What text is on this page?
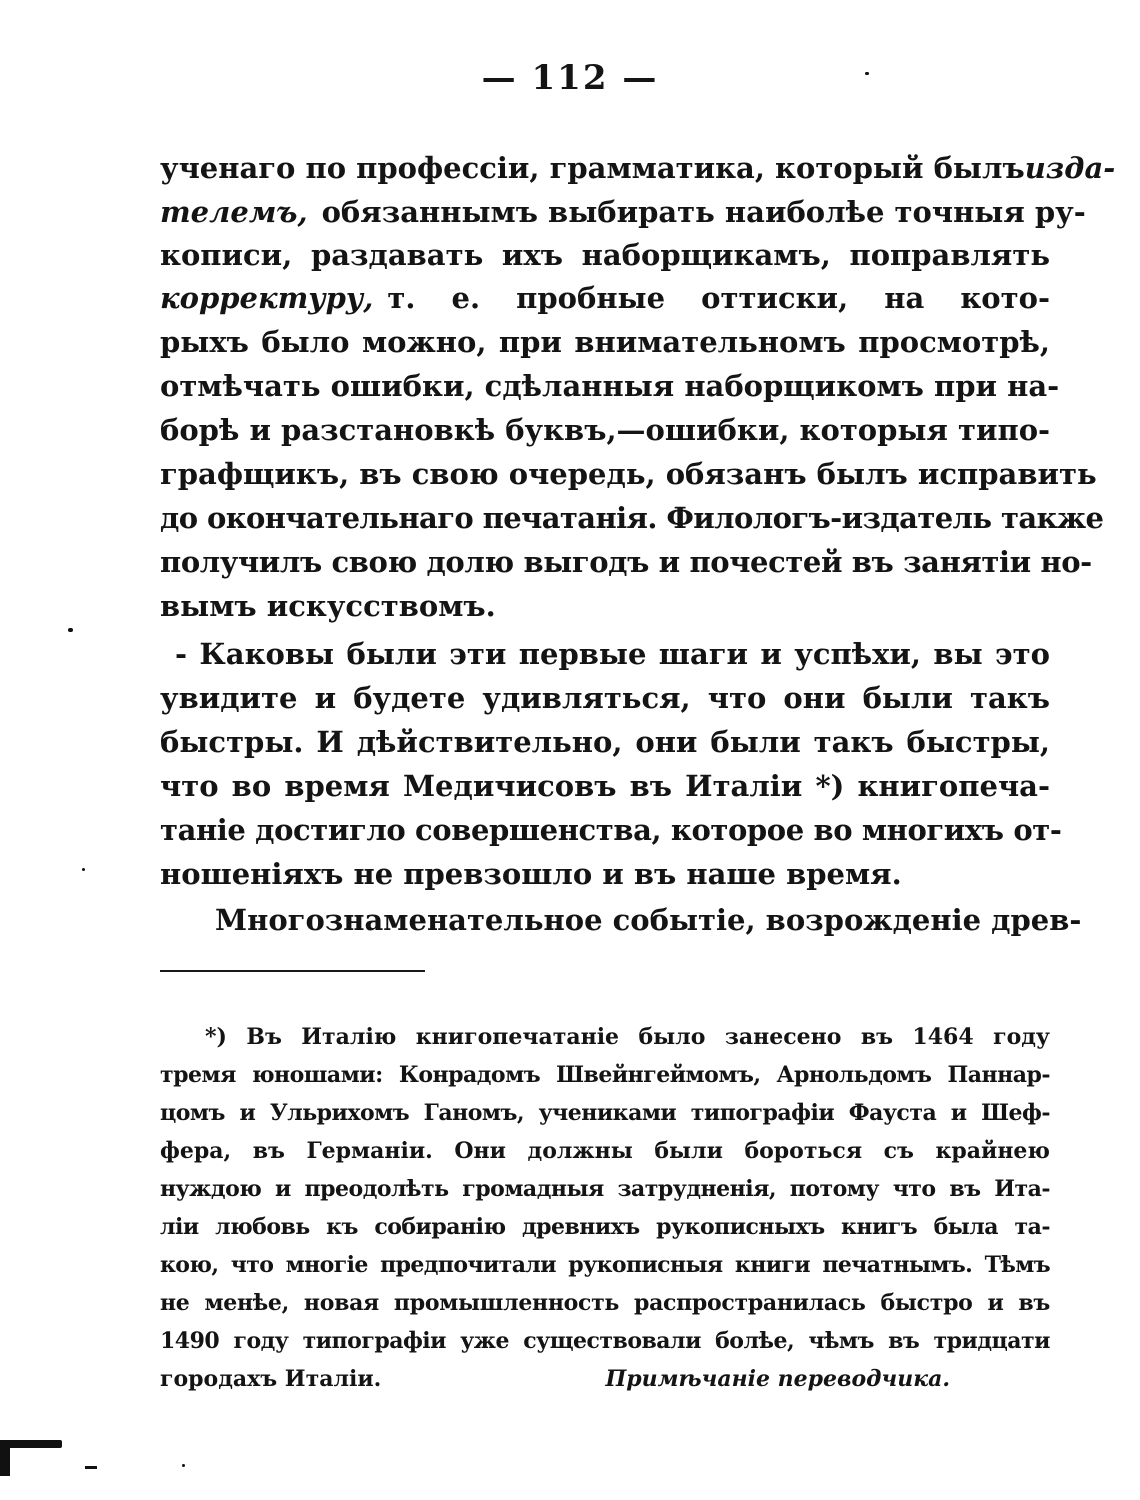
— 112 —
ученаго по профессіи, грамматика, который былъ изда-
телемъ, обязаннымъ выбирать наиболѣе точныя ру-
кописи, раздавать ихъ наборщикамъ, поправлять
корректуру, т. е. пробные оттиски, на кото-
рыхъ было можно, при внимательномъ просмотрѣ,
отмѣчать ошибки, сдѣланныя наборщикомъ при на-
борѣ и разстановкѣ буквъ,—ошибки, которыя типо-
графщикъ, въ свою очередь, обязанъ былъ исправить
до окончательнаго печатанія. Филологъ-издатель также
получилъ свою долю выгодъ и почестей въ занятіи но-
вымъ искусствомъ.
- Каковы были эти первые шаги и успѣхи, вы это
увидите и будете удивляться, что они были такъ
быстры. И дѣйствительно, они были такъ быстры,
что во время Медичисовъ въ Италіи *) книгопеча-
таніе достигло совершенства, которое во многихъ от-
ношеніяхъ не превзошло и въ наше время.
Многознаменательное событіе, возрожденіе древ-
*) Въ Италію книгопечатаніе было занесено въ 1464 году
тремя юношами: Конрадомъ Швейнгеймомъ, Арнольдомъ Паннар-
цомъ и Ульрихомъ Ганомъ, учениками типографіи Фауста и Шеф-
фера, въ Германіи. Они должны были бороться съ крайнею
нуждою и преодолѣть громадныя затрудненія, потому что въ Ита-
ліи любовь къ собиранію древнихъ рукописныхъ книгъ была та-
кою, что многіе предпочитали рукописныя книги печатнымъ. Тѣмъ
не менѣе, новая промышленность распространилась быстро и въ
1490 году типографіи уже существовали болѣе, чѣмъ въ тридцати
городахъ Италіи.	Примѣчаніе переводчика.
